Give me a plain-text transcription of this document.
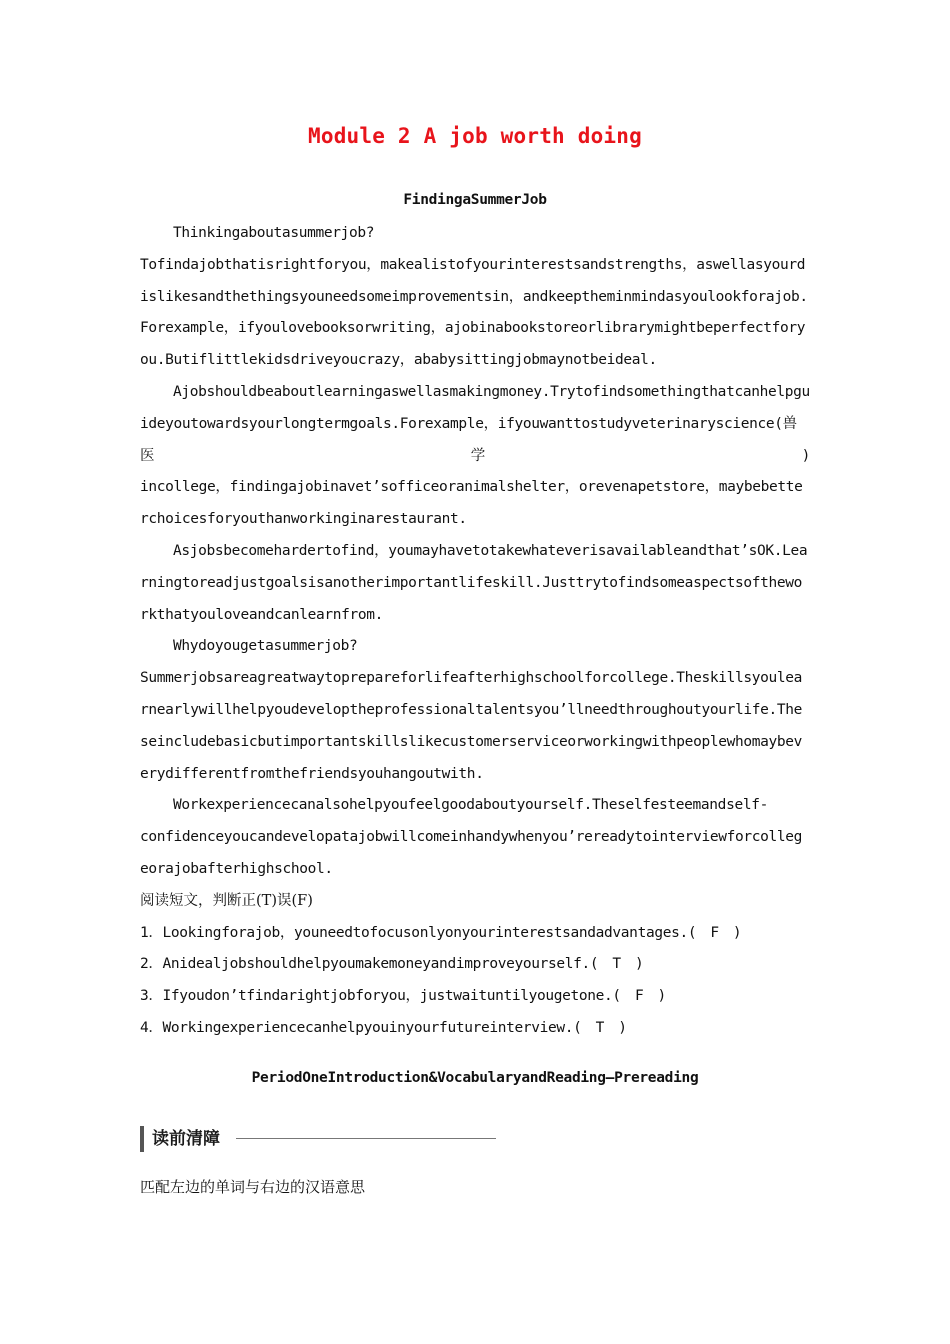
Module 2 A job worth doing
FindingaSummerJob

Thinkingaboutasummerjob?

Tofindajobthatisrightforyou，makealistofyourinterestsandstrengths，aswellasyourdislikesandthethingsyouneedsomeimprovementsin，andkeeptheminmindasyoulookforajob.Forexample，ifyoulovebooksorwriting，ajobinabookstoreorlibrarymightbeperfectforyou.Butiflittlekidsdriveyoucrazy，ababysittingjobmaynotbeideal.

Ajobshouldbeaboutlearningaswellasmakingmoney.Trytofindsomethingthatcanhelpguideyoutowardsyourlongtermgoals.Forexample，ifyouwanttostudyveterinaryscience(兽

医	学	)

incollege，findingajobinavet’sofficeoranimalshelter，orevenapetstore，maybebetterchoicesforyouthanworkinginarestaurant.

Asjobsbecomehardertofind，youmayhavetotakewhateverisavailableandthat’sOK.Learningtoreadjustgoalsisanotherimportantlifeskill.Justtrytofindsomeaspectsoftheworkthatyouloveandcanlearnfrom.

Whydoyougetasummerjob?

Summerjobsareagreatwaytoprepareforlifeafterhighschoolforcollege.Theskillsyoulearnearlywillhelpyoudeveloptheprofessionaltalentsyou’llneedthroughoutyourlife.Theseincludebasicbutimportantskillslikecustomerserviceorworkingwithpeoplewhomaybeverydifferentfromthefriendsyouhangoutwith.

Workexperiencecanalsohelpyoufeelgoodaboutyourself.Theselfesteemandself-

confidenceyoucandevelopatajobwillcomeinhandywhenyou’rereadytointerviewforcollegeorajobafterhighschool.

阅读短文，判断正(T)误(F)

1．Lookingforajob，youneedtofocusonlyonyourinterestsandadvantages.(　F　)

2．Anidealjobshouldhelpyoumakemoneyandimproveyourself.(　T　)

3．Ifyoudon’tfindarightjobforyou，justwaituntilyougetone.(　F　)

4．Workingexperiencecanhelpyouinyourfutureinterview.(　T　)

PeriodOneIntroduction&VocabularyandReading—Prereading
读前清障
匹配左边的单词与右边的汉语意思
